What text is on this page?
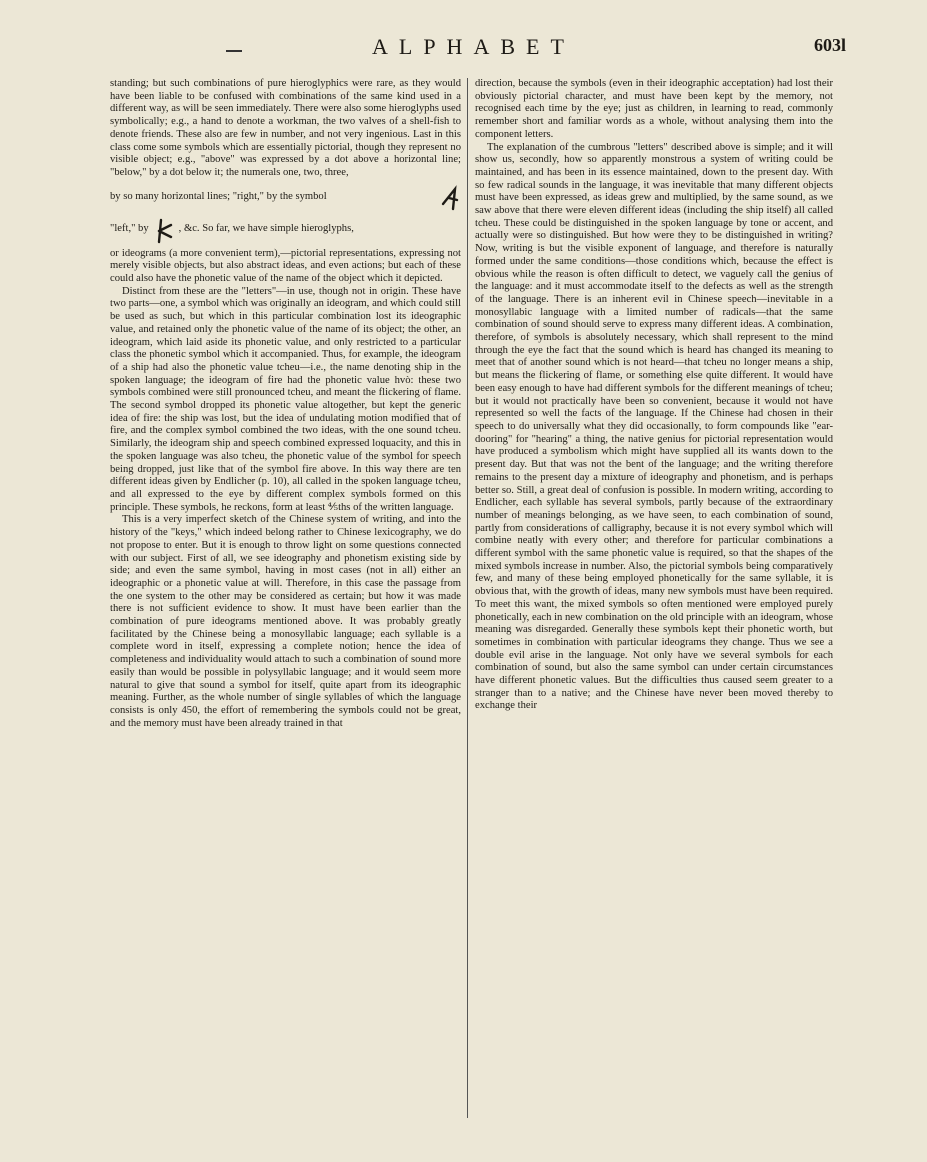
ALPHABET	603l

standing; but such combinations of pure hieroglyphics were rare, as they would have been liable to be confused with combinations of the same kind used in a different way, as will be seen immediately. There were also some hieroglyphs used symbolically; e.g., a hand to denote a workman, the two valves of a shell-fish to denote friends. These also are few in number, and not very ingenious. Last in this class come some symbols which are essentially pictorial, though they represent no visible object; e.g., "above" was expressed by a dot above a horizontal line; "below," by a dot below it; the numerals one, two, three,

by so many horizontal lines; "right," by the symbol
"left," by	, &c. So far, we have simple hieroglyphs,

or ideograms (a more convenient term),—pictorial representations, expressing not merely visible objects, but also abstract ideas, and even actions; but each of these could also have the phonetic value of the name of the object which it depicted.

Distinct from these are the "letters"—in use, though not in origin. These have two parts—one, a symbol which was originally an ideogram, and which could still be used as such, but which in this particular combination lost its ideographic value, and retained only the phonetic value of the name of its object; the other, an ideogram, which laid aside its phonetic value, and only restricted to a particular class the phonetic symbol which it accompanied. Thus, for example, the ideogram of a ship had also the phonetic value tcheu—i.e., the name denoting ship in the spoken language; the ideogram of fire had the phonetic value hvò: these two symbols combined were still pronounced tcheu, and meant the flickering of flame. The second symbol dropped its phonetic value altogether, but kept the generic idea of fire: the ship was lost, but the idea of undulating motion modified that of fire, and the complex symbol combined the two ideas, with the one sound tcheu. Similarly, the ideogram ship and speech combined expressed loquacity, and this in the spoken language was also tcheu, the phonetic value of the symbol for speech being dropped, just like that of the symbol fire above. In this way there are ten different ideas given by Endlicher (p. 10), all called in the spoken language tcheu, and all expressed to the eye by different complex symbols formed on this principle. These symbols, he reckons, form at least ⅘ths of the written language.

This is a very imperfect sketch of the Chinese system of writing, and into the history of the "keys," which indeed belong rather to Chinese lexicography, we do not propose to enter. But it is enough to throw light on some questions connected with our subject. First of all, we see ideography and phonetism existing side by side; and even the same symbol, having in most cases (not in all) either an ideographic or a phonetic value at will. Therefore, in this case the passage from the one system to the other may be considered as certain; but how it was made there is not sufficient evidence to show. It must have been earlier than the combination of pure ideograms mentioned above. It was probably greatly facilitated by the Chinese being a monosyllabic language; each syllable is a complete word in itself, expressing a complete notion; hence the idea of completeness and individuality would attach to such a combination of sound more easily than would be possible in polysyllabic language; and it would seem more natural to give that sound a symbol for itself, quite apart from its ideographic meaning. Further, as the whole number of single syllables of which the language consists is only 450, the effort of remembering the symbols could not be great, and the memory must have been already trained in that

direction, because the symbols (even in their ideographic acceptation) had lost their obviously pictorial character, and must have been kept by the memory, not recognised each time by the eye; just as children, in learning to read, commonly remember short and familiar words as a whole, without analysing them into the component letters.

The explanation of the cumbrous "letters" described above is simple; and it will show us, secondly, how so apparently monstrous a system of writing could be maintained, and has been in its essence maintained, down to the present day. With so few radical sounds in the language, it was inevitable that many different objects must have been expressed, as ideas grew and multiplied, by the same sound, as we saw above that there were eleven different ideas (including the ship itself) all called tcheu. These could be distinguished in the spoken language by tone or accent, and actually were so distinguished. But how were they to be distinguished in writing? Now, writing is but the visible exponent of language, and therefore is naturally formed under the same conditions—those conditions which, because the effect is obvious while the reason is often difficult to detect, we vaguely call the genius of the language: and it must accommodate itself to the defects as well as the strength of the language. There is an inherent evil in Chinese speech—inevitable in a monosyllabic language with a limited number of radicals—that the same combination of sound should serve to express many different ideas. A combination, therefore, of symbols is absolutely necessary, which shall represent to the mind through the eye the fact that the sound which is heard has changed its meaning to meet that of another sound which is not heard—that tcheu no longer means a ship, but means the flickering of flame, or something else quite different. It would have been easy enough to have had different symbols for the different meanings of tcheu; but it would not practically have been so convenient, because it would not have represented so well the facts of the language. If the Chinese had chosen in their speech to do universally what they did occasionally, to form compounds like "ear-dooring" for "hearing" a thing, the native genius for pictorial representation would have produced a symbolism which might have supplied all its wants down to the present day. But that was not the bent of the language; and the writing therefore remains to the present day a mixture of ideography and phonetism, and is perhaps better so. Still, a great deal of confusion is possible. In modern writing, according to Endlicher, each syllable has several symbols, partly because of the extraordinary number of meanings belonging, as we have seen, to each combination of sound, partly from considerations of calligraphy, because it is not every symbol which will combine neatly with every other; and therefore for particular combinations a different symbol with the same phonetic value is required, so that the shapes of the mixed symbols increase in number. Also, the pictorial symbols being comparatively few, and many of these being employed phonetically for the same syllable, it is obvious that, with the growth of ideas, many new symbols must have been required. To meet this want, the mixed symbols so often mentioned were employed purely phonetically, each in new combination on the old principle with an ideogram, whose meaning was disregarded. Generally these symbols kept their phonetic worth, but sometimes in combination with particular ideograms they change. Thus we see a double evil arise in the language. Not only have we several symbols for each combination of sound, but also the same symbol can under certain circumstances have different phonetic values. But the difficulties thus caused seem greater to a stranger than to a native; and the Chinese have never been moved thereby to exchange their
